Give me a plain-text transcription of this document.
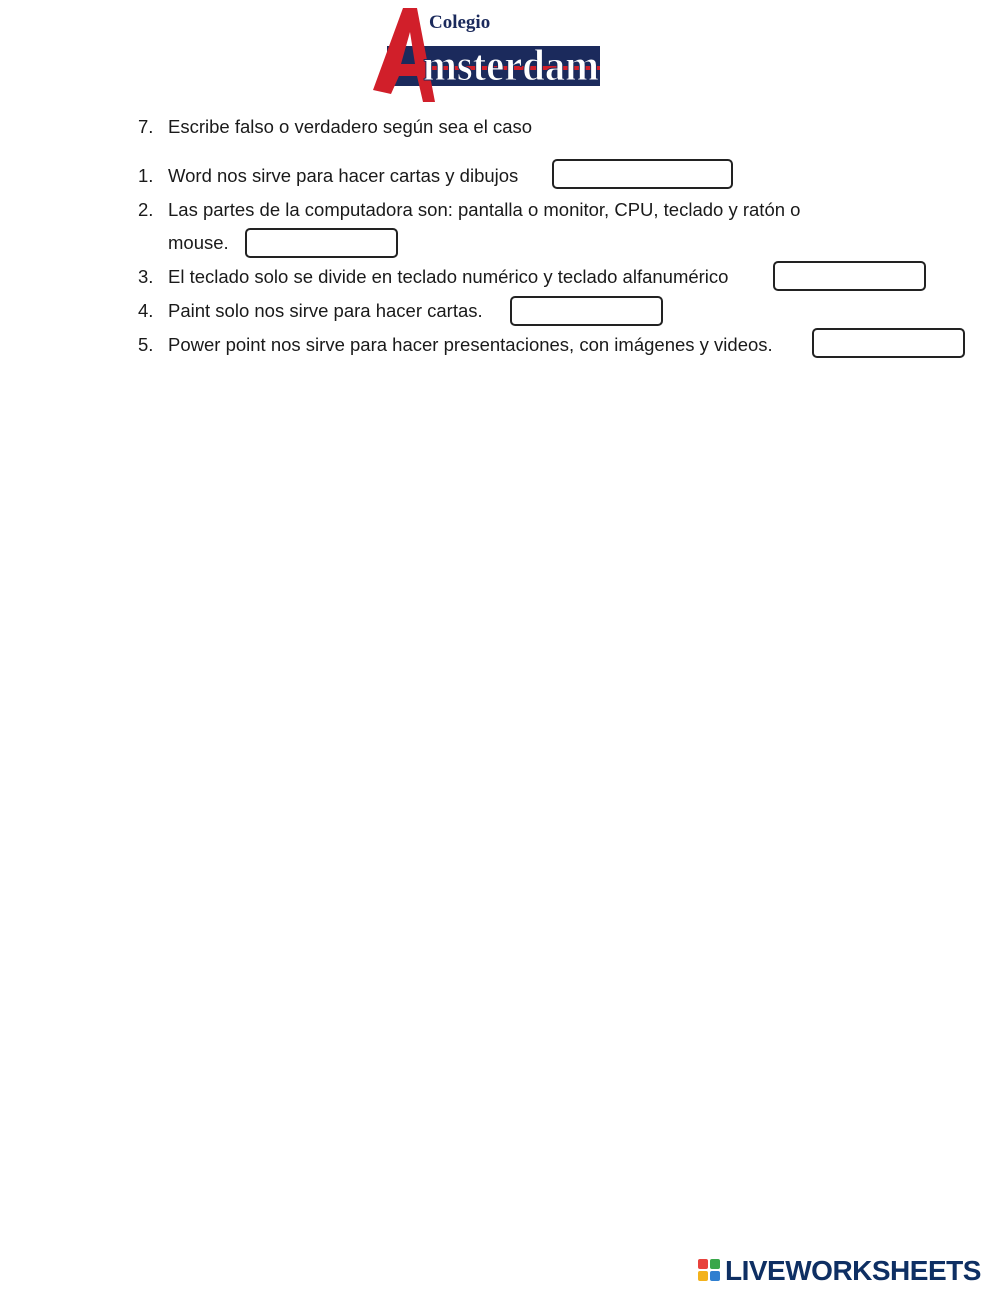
Colegio
msterdam
7. Escribe falso o verdadero según sea el caso
1. Word nos sirve para hacer cartas y dibujos
2. Las partes de la computadora son: pantalla o monitor, CPU, teclado y ratón o
mouse.
3. El teclado solo se divide en teclado numérico y teclado alfanumérico
4. Paint solo nos sirve para hacer cartas.
5. Power point nos sirve para hacer presentaciones, con imágenes y videos.
LIVEWORKSHEETS
